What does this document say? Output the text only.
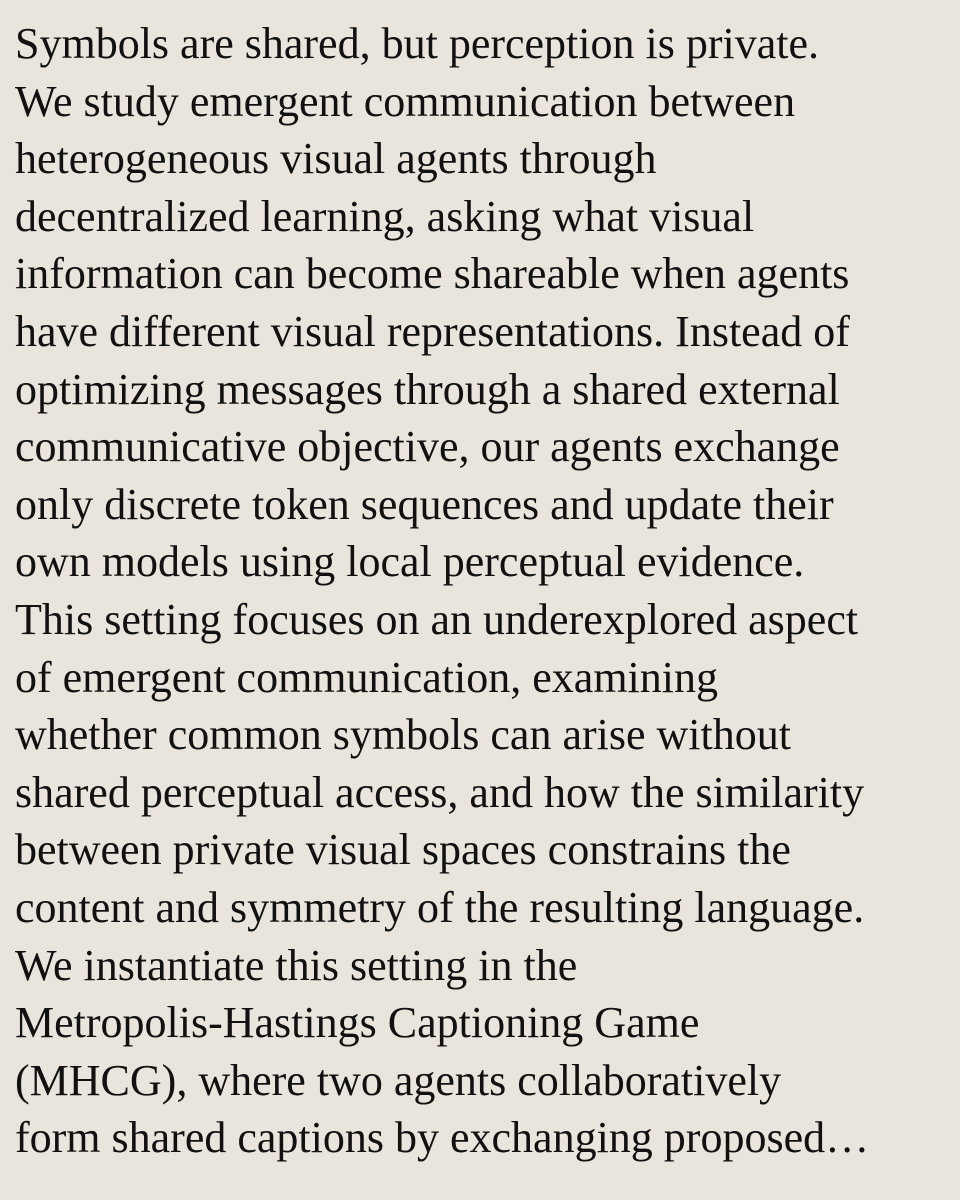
Symbols are shared, but perception is private.
We study emergent communication between
heterogeneous visual agents through
decentralized learning, asking what visual
information can become shareable when agents
have different visual representations. Instead of
optimizing messages through a shared external
communicative objective, our agents exchange
only discrete token sequences and update their
own models using local perceptual evidence.
This setting focuses on an underexplored aspect
of emergent communication, examining
whether common symbols can arise without
shared perceptual access, and how the similarity
between private visual spaces constrains the
content and symmetry of the resulting language.
We instantiate this setting in the
Metropolis-Hastings Captioning Game
(MHCG), where two agents collaboratively
form shared captions by exchanging proposed…
